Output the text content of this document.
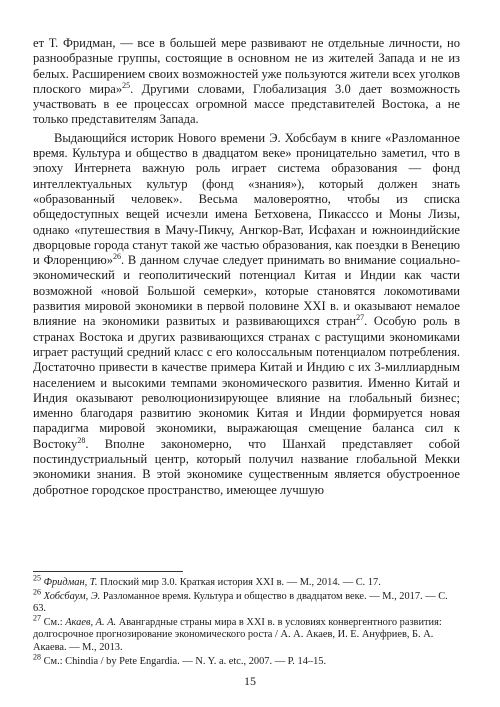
ет Т. Фридман, — все в большей мере развивают не отдельные личности, но разнообразные группы, состоящие в основном не из жителей Запада и не из белых. Расширением своих возможностей уже пользуются жители всех уголков плоского мира»$^{25}$. Другими словами, Глобализация 3.0 дает возможность участвовать в ее процессах огромной массе представителей Востока, а не только представителям Запада.

Выдающийся историк Нового времени Э. Хобсбаум в книге «Разломанное время. Культура и общество в двадцатом веке» проницательно заметил, что в эпоху Интернета важную роль играет система образования — фонд интеллектуальных культур (фонд «знания»), который должен знать «образованный человек». Весьма маловероятно, чтобы из списка общедоступных вещей исчезли имена Бетховена, Пикасссо и Моны Лизы, однако «путешествия в Мачу-Пикчу, Ангкор-Ват, Исфахан и южноиндийские дворцовые города станут такой же частью образования, как поездки в Венецию и Флоренцию»$^{26}$. В данном случае следует принимать во внимание социально-экономический и геополитический потенциал Китая и Индии как части возможной «новой Большой семерки», которые становятся локомотивами развития мировой экономики в первой половине XXI в. и оказывают немалое влияние на экономики развитых и развивающихся стран$^{27}$. Особую роль в странах Востока и других развивающихся странах с растущими экономиками играет растущий средний класс с его колоссальным потенциалом потребления. Достаточно привести в качестве примера Китай и Индию с их 3-миллиардным населением и высокими темпами экономического развития. Именно Китай и Индия оказывают революционизирующее влияние на глобальный бизнес; именно благодаря развитию экономик Китая и Индии формируется новая парадигма мировой экономики, выражающая смещение баланса сил к Востоку$^{28}$. Вполне закономерно, что Шанхай представляет собой постиндустриальный центр, который получил название глобальной Мекки экономики знания. В этой экономике существенным является обустроенное добротное городское пространство, имеющее лучшую

$^{25}$ Фридман, Т. Плоский мир 3.0. Краткая история XXI в. — М., 2014. — С. 17.

$^{26}$ Хобсбаум, Э. Разломанное время. Культура и общество в двадцатом веке. — М., 2017. — С. 63.

$^{27}$ См.: Акаев, А. А. Авангардные страны мира в XXI в. в условиях конвергентного развития: долгосрочное прогнозирование экономического роста / А. А. Акаев, И. Е. Ануфриев, Б. А. Акаева. — М., 2013.

$^{28}$ См.: Chindia / by Pete Engardia. — N. Y. a. etc., 2007. — P. 14–15.

15
